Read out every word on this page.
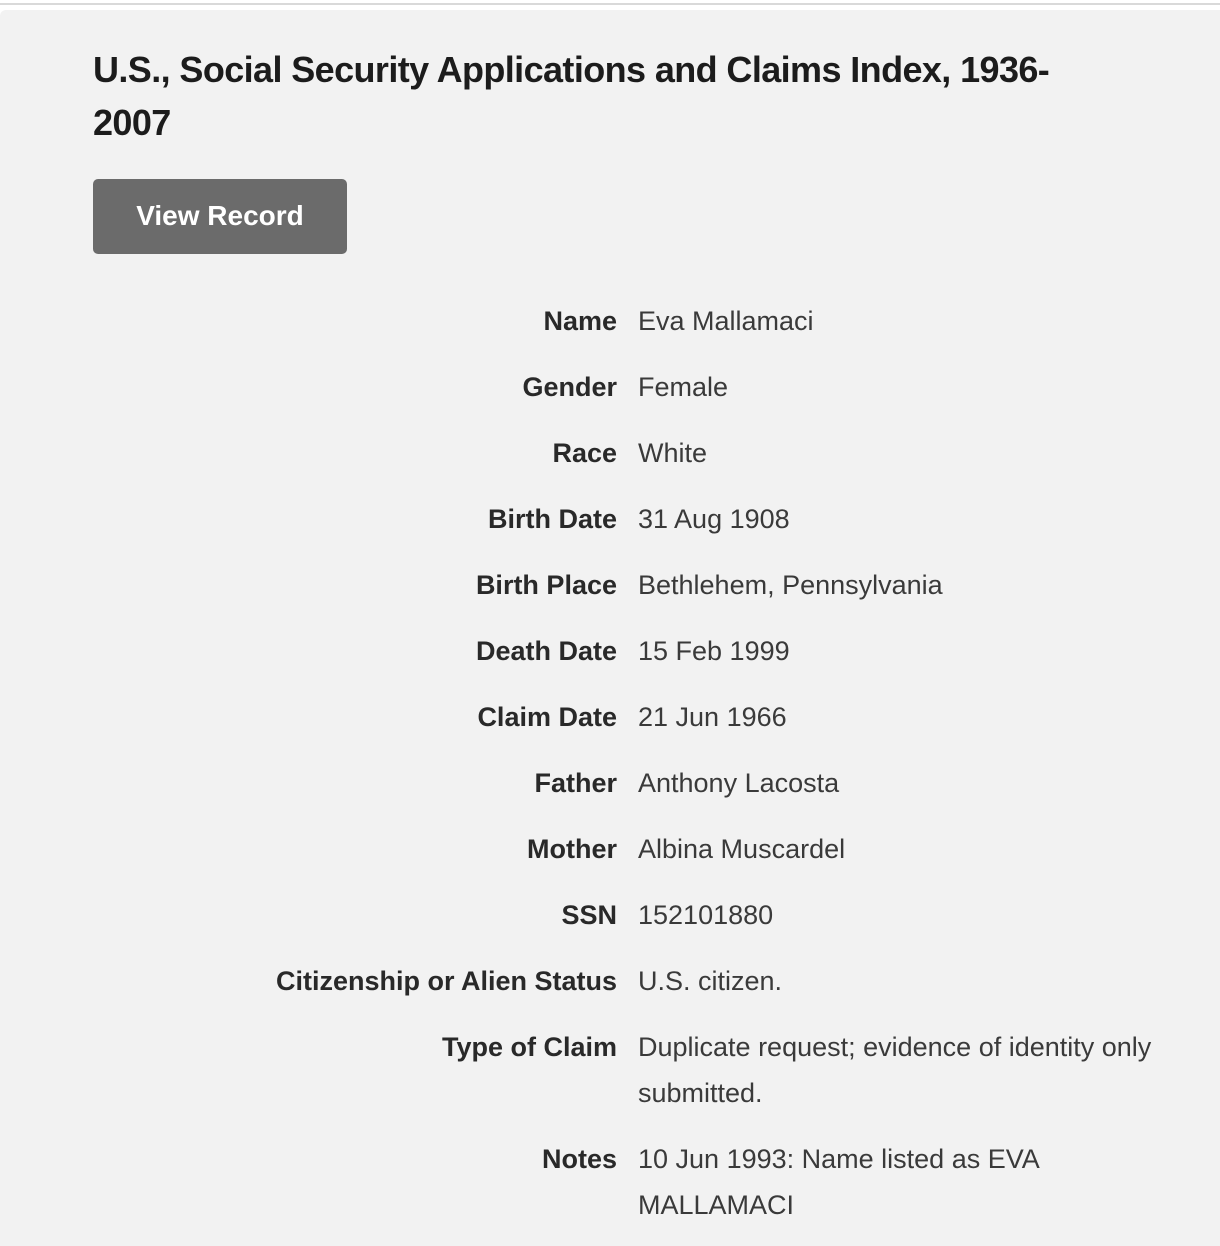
U.S., Social Security Applications and Claims Index, 1936-2007
View Record
Name Eva Mallamaci
Gender Female
Race White
Birth Date 31 Aug 1908
Birth Place Bethlehem, Pennsylvania
Death Date 15 Feb 1999
Claim Date 21 Jun 1966
Father Anthony Lacosta
Mother Albina Muscardel
SSN 152101880
Citizenship or Alien Status U.S. citizen.
Type of Claim Duplicate request; evidence of identity only submitted.
Notes 10 Jun 1993: Name listed as EVA MALLAMACI
